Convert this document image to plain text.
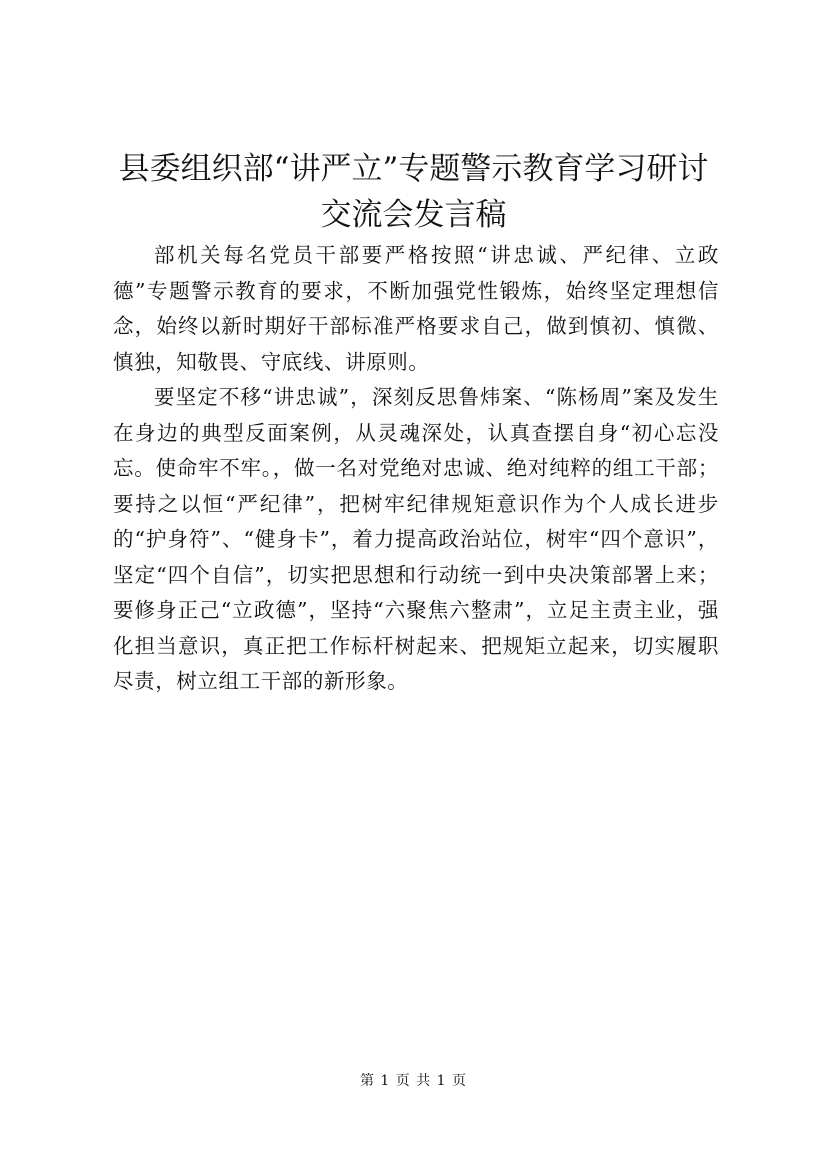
县委组织部“讲严立”专题警示教育学习研讨
交流会发言稿

部机关每名党员干部要严格按照“讲忠诚、严纪律、立政德”专题警示教育的要求，不断加强党性锻炼，始终坚定理想信念，始终以新时期好干部标准严格要求自己，做到慎初、慎微、慎独，知敬畏、守底线、讲原则。

要坚定不移“讲忠诚”，深刻反思鲁炜案、“陈杨周”案及发生在身边的典型反面案例，从灵魂深处，认真查摆自身“初心忘没忘。使命牢不牢。，做一名对党绝对忠诚、绝对纯粹的组工干部；要持之以恒“严纪律”，把树牢纪律规矩意识作为个人成长进步的“护身符”、“健身卡”，着力提高政治站位，树牢“四个意识”，坚定“四个自信”，切实把思想和行动统一到中央决策部署上来；要修身正己“立政德”，坚持“六聚焦六整肃”，立足主责主业，强化担当意识，真正把工作标杆树起来、把规矩立起来，切实履职尽责，树立组工干部的新形象。

第 1 页 共 1 页
